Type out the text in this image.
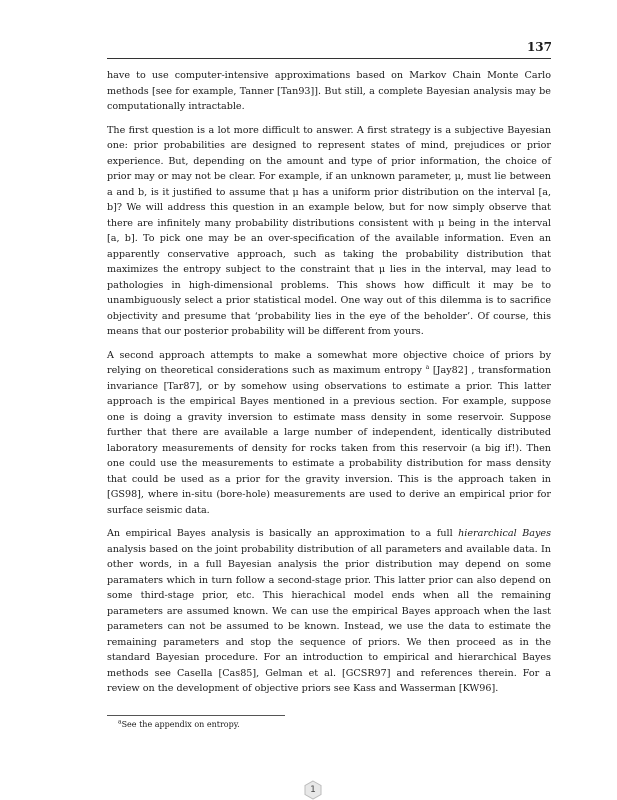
137

have to use computer-intensive approximations based on Markov Chain Monte Carlo methods [see for example, Tanner [Tan93]]. But still, a complete Bayesian analysis may be computationally intractable.

The first question is a lot more difficult to answer. A first strategy is a subjective Bayesian one: prior probabilities are designed to represent states of mind, prejudices or prior experience. But, depending on the amount and type of prior information, the choice of prior may or may not be clear. For example, if an unknown parameter, μ, must lie between a and b, is it justified to assume that μ has a uniform prior distribution on the interval [a, b]? We will address this question in an example below, but for now simply observe that there are infinitely many probability distributions consistent with μ being in the interval [a, b]. To pick one may be an over-specification of the available information. Even an apparently conservative approach, such as taking the probability distribution that maximizes the entropy subject to the constraint that μ lies in the interval, may lead to pathologies in high-dimensional problems. This shows how difficult it may be to unambiguously select a prior statistical model. One way out of this dilemma is to sacrifice objectivity and presume that ‘probability lies in the eye of the beholder’. Of course, this means that our posterior probability will be different from yours.

A second approach attempts to make a somewhat more objective choice of priors by relying on theoretical considerations such as maximum entropy $^a$ [Jay82] , transformation invariance [Tar87], or by somehow using observations to estimate a prior. This latter approach is the empirical Bayes mentioned in a previous section. For example, suppose one is doing a gravity inversion to estimate mass density in some reservoir. Suppose further that there are available a large number of independent, identically distributed laboratory measurements of density for rocks taken from this reservoir (a big if!). Then one could use the measurements to estimate a probability distribution for mass density that could be used as a prior for the gravity inversion. This is the approach taken in [GS98], where in-situ (bore-hole) measurements are used to derive an empirical prior for surface seismic data.

An empirical Bayes analysis is basically an approximation to a full hierarchical Bayes analysis based on the joint probability distribution of all parameters and available data. In other words, in a full Bayesian analysis the prior distribution may depend on some paramaters which in turn follow a second-stage prior. This latter prior can also depend on some third-stage prior, etc. This hierachical model ends when all the remaining parameters are assumed known. We can use the empirical Bayes approach when the last parameters can not be assumed to be known. Instead, we use the data to estimate the remaining parameters and stop the sequence of priors. We then proceed as in the standard Bayesian procedure. For an introduction to empirical and hierarchical Bayes methods see Casella [Cas85], Gelman et al. [GCSR97] and references therein. For a review on the development of objective priors see Kass and Wasserman [KW96].

$^a$See the appendix on entropy.
1
